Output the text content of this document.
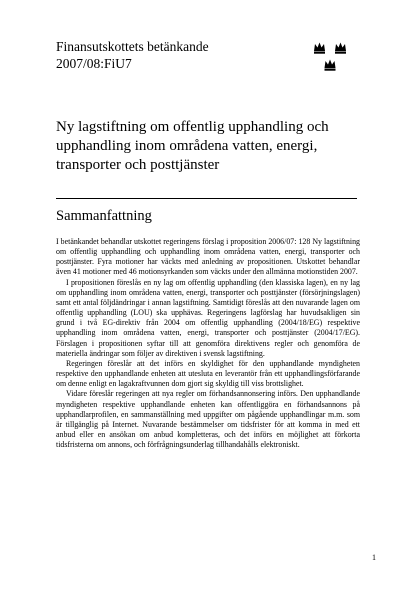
Finansutskottets betänkande

2007/08:FiU7

Ny lagstiftning om offentlig upphandling och upphandling inom områdena vatten, energi, transporter och posttjänster
Sammanfattning

I betänkandet behandlar utskottet regeringens förslag i proposition 2006/07: 128 Ny lagstiftning om offentlig upphandling och upphandling inom områdena vatten, energi, transporter och posttjänster. Fyra motioner har väckts med anledning av propositionen. Utskottet behandlar även 41 motioner med 46 motionsyrkanden som väckts under den allmänna motionstiden 2007.

I propositionen föreslås en ny lag om offentlig upphandling (den klassiska lagen), en ny lag om upphandling inom områdena vatten, energi, transporter och posttjänster (försörjningslagen) samt ett antal följdändringar i annan lagstiftning. Samtidigt föreslås att den nuvarande lagen om offentlig upphandling (LOU) ska upphävas. Regeringens lagförslag har huvudsakligen sin grund i två EG-direktiv från 2004 om offentlig upphandling (2004/18/EG) respektive upphandling inom områdena vatten, energi, transporter och posttjänster (2004/17/EG). Förslagen i propositionen syftar till att genomföra direktivens regler och genomföra de materiella ändringar som följer av direktiven i svensk lagstiftning.

Regeringen föreslår att det införs en skyldighet för den upphandlande myndigheten respektive den upphandlande enheten att utesluta en leverantör från ett upphandlingsförfarande om denne enligt en lagakraftvunnen dom gjort sig skyldig till viss brottslighet.

Vidare föreslår regeringen att nya regler om förhandsannonsering införs. Den upphandlande myndigheten respektive upphandlande enheten kan offentliggöra en förhandsannons på upphandlarprofilen, en sammanställning med uppgifter om pågående upphandlingar m.m. som är tillgänglig på Internet. Nuvarande bestämmelser om tidsfrister för att komma in med ett anbud eller en ansökan om anbud kompletteras, och det införs en möjlighet att förkorta tidsfristerna om annons, och förfrågningsunderlag tillhandahålls elektroniskt.

1
